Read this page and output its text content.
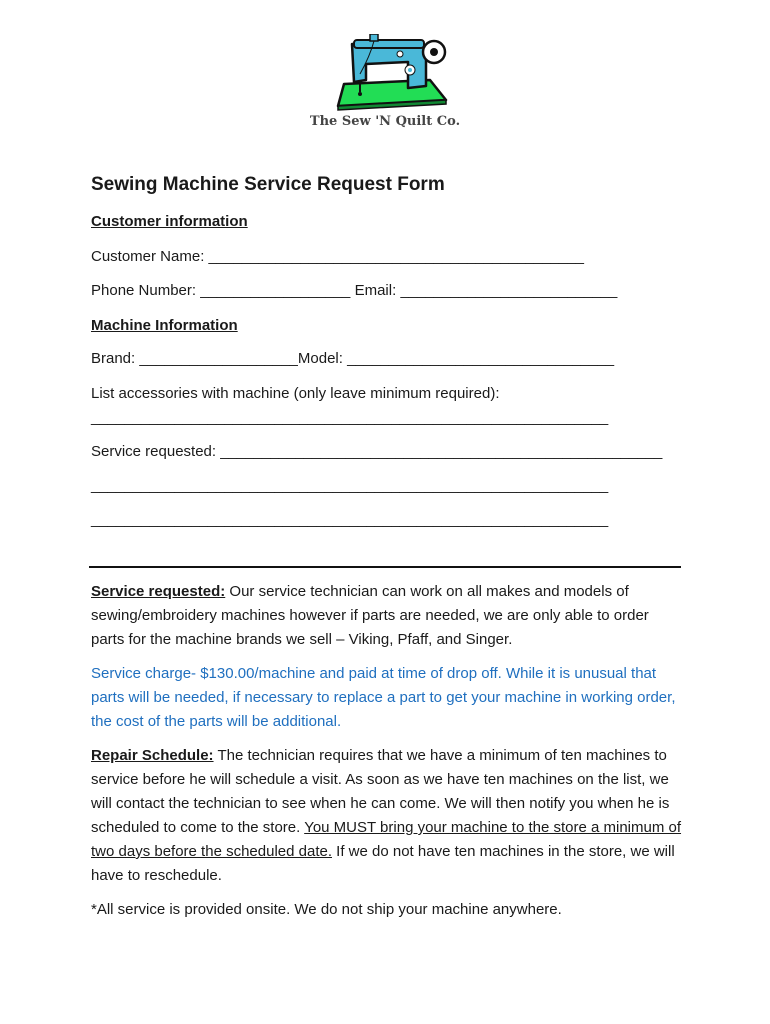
The Sew 'N Quilt Co.
Sewing Machine Service Request Form
Customer information
Customer Name: _____________________________________________
Phone Number: __________________ Email: __________________________
Machine Information
Brand: ___________________Model: ________________________________
List accessories with machine (only leave minimum required):
______________________________________________________________
Service requested: _____________________________________________________
______________________________________________________________
______________________________________________________________

Service requested: Our service technician can work on all makes and models of sewing/embroidery machines however if parts are needed, we are only able to order parts for the machine brands we sell – Viking, Pfaff, and Singer.

Service charge- $130.00/machine and paid at time of drop off. While it is unusual that parts will be needed, if necessary to replace a part to get your machine in working order, the cost of the parts will be additional.

Repair Schedule: The technician requires that we have a minimum of ten machines to service before he will schedule a visit. As soon as we have ten machines on the list, we will contact the technician to see when he can come. We will then notify you when he is scheduled to come to the store. You MUST bring your machine to the store a minimum of two days before the scheduled date. If we do not have ten machines in the store, we will have to reschedule.

*All service is provided onsite. We do not ship your machine anywhere.
